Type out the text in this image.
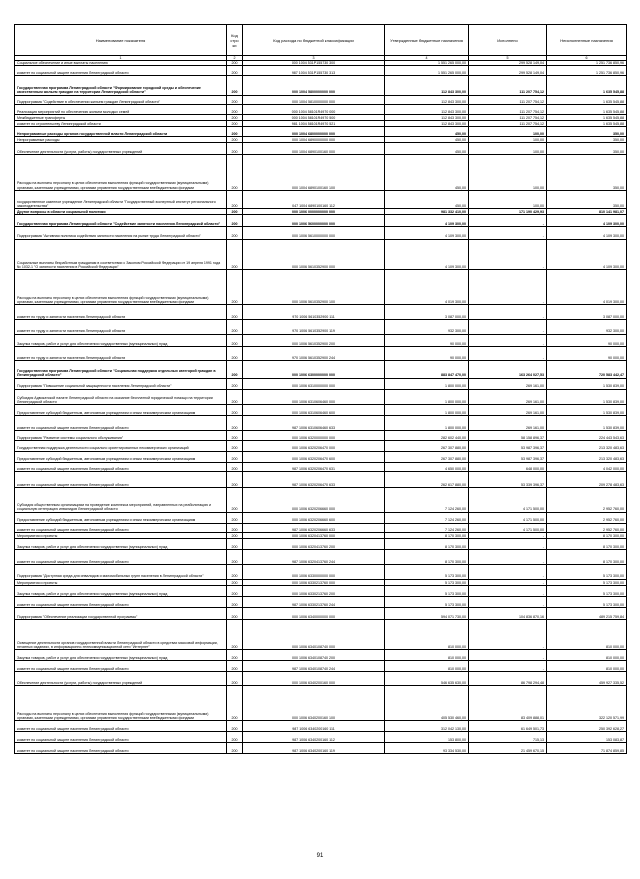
Наименование показателя	Код стро ки	Код расхода по бюджетной классификации	Утвержденные бюджетные назначения	Исполнено	Неисполненные назначения
1	2	3	4	5	6
Социальное обеспечение и иные выплаты населению	200	000 1004 531P155730 300	1 551 265 000,00	299 528 149,04	1 251 736 850,96
комитет по социальной защите населения Ленинградской области	200	987 1004 531P155730 313	1 551 265 000,00	299 528 149,04	1 251 736 850,96
Государственная программа Ленинградской области "Формирование городской среды и обеспечение качественным жильем граждан на территории Ленинградской области"	200	000 1004 5800000000 000	112 843 300,00	111 207 754,12	1 635 545,88
Подпрограмма "Содействие в обеспечении жильем граждан Ленинградской области"	200	000 1004 5810000000 000	112 843 300,00	111 207 754,12	1 635 545,88
Реализация мероприятий по обеспечению жильем молодых семей	200	000 1004 58101R4970 000	112 843 300,00	111 207 754,12	1 635 545,88
Межбюджетные трансферты	200	000 1004 58101R4970 500	112 843 300,00	111 207 754,12	1 635 545,88
комитет по строительству Ленинградской области	200	981 1004 58101R4970 521	112 843 300,00	111 207 754,12	1 635 545,88
Непрограммные расходы органов государственной власти Ленинградской области	200	000 1004 6800000000 000	450,00	100,00	350,00
Непрограммные расходы	200	000 1004 6890000000 000	450,00	100,00	350,00
Обеспечение деятельности (услуги, работы) государственных учреждений	200	000 1004 6890100160 000	450,00	100,00	350,00
Расходы на выплаты персоналу в целях обеспечения выполнения функций государственными (муниципальными) органами, казенными учреждениями, органами управления государственными внебюджетными фондами	200	000 1004 6890100160 100	450,00	100,00	350,00
государственное казенное учреждение Ленинградской области "Государственный экспертный институт регионального законодательства"	200	047 1004 6890100160 112	450,00	100,00	350,00
Другие вопросы в области социальной политики	200	000 1006 0000000000 000	981 332 410,00	171 190 429,93	810 141 981,07
Государственная программа Ленинградской области "Содействие занятости населения Ленинградской области"	200	000 1006 5600000000 000	4 109 300,00	-	4 109 300,00
Подпрограмма "Активная политика содействия занятости населения на рынке труда Ленинградской области"	200	000 1006 5610000000 000	4 109 300,00	-	4 109 300,00
Социальные выплаты безработным гражданам в соответствии с Законом Российской Федерации от 19 апреля 1991 года № 1032-1 "О занятости населения в Российской Федерации"	200	000 1006 5610352900 000	4 109 300,00	-	4 109 300,00
Расходы на выплаты персоналу в целях обеспечения выполнения функций государственными (муниципальными) органами, казенными учреждениями, органами управления государственными внебюджетными фондами	200	000 1006 5610352900 100	4 019 300,00	-	4 019 300,00
комитет по труду и занятости населения Ленинградской области	200	970 1006 5610352900 111	3 087 000,00	-	3 087 000,00
комитет по труду и занятости населения Ленинградской области	200	970 1006 5610352900 119	932 300,00	-	932 300,00
Закупка товаров, работ и услуг для обеспечения государственных (муниципальных) нужд	200	000 1006 5610352900 200	90 000,00	-	90 000,00
комитет по труду и занятости населения Ленинградской области	200	970 1006 5610352900 244	90 000,00	-	90 000,00
Государственная программа Ленинградской области "Социальная поддержка отдельных категорий граждан в Ленинградской области"	200	000 1006 6300000000 000	883 847 470,00	163 264 027,53	720 583 442,47
Подпрограмма "Повышение социальной защищенности населения Ленинградской области"	200	000 1006 6310000000 000	1 800 000,00	269 161,00	1 530 839,00
Субсидия Адвокатской палате Ленинградской области на оказание бесплатной юридической помощи на территории Ленинградской области	200	000 1006 6310606460 000	1 800 000,00	269 161,00	1 530 839,00
Предоставление субсидий бюджетным, автономным учреждениям и иным некоммерческим организациям	200	000 1006 6310606460 600	1 800 000,00	269 161,00	1 530 839,00
комитет по социальной защите населения Ленинградской области	200	987 1006 6310606460 633	1 800 000,00	269 161,00	1 530 839,00
Подпрограмма "Развитие системы социального обслуживания"	200	000 1006 6320000000 000	282 602 440,00	58 158 896,37	224 443 543,63
Государственная поддержка деятельности социально ориентированных некоммерческих организаций	200	000 1006 6320206470 000	267 307 880,00	53 987 396,37	213 320 483,63
Предоставление субсидий бюджетным, автономным учреждениям и иным некоммерческим организациям	200	000 1006 6320206470 600	267 307 880,00	53 987 396,37	213 320 483,63
комитет по социальной защите населения Ленинградской области	200	987 1006 6320206470 631	4 650 000,00	648 000,00	4 042 000,00
комитет по социальной защите населения Ленинградской области	200	987 1006 6320206470 633	262 617 880,00	53 339 396,37	209 278 483,63
Субсидия общественным организациям на проведение комплекса мероприятий, направленных на реабилитацию и социальную интеграцию инвалидов Ленинградской области	200	000 1006 6320206660 000	7 124 260,00	4 171 500,00	2 952 760,00
Предоставление субсидий бюджетным, автономным учреждениям и иным некоммерческим организациям	200	000 1006 6320206660 600	7 124 260,00	4 171 500,00	2 952 760,00
комитет по социальной защите населения Ленинградской области	200	987 1006 6320206660 633	7 124 260,00	4 171 500,00	2 952 760,00
Мероприятия и проекты	200	000 1006 6320413760 000	8 170 300,00	-	8 170 300,00
Закупка товаров, работ и услуг для обеспечения государственных (муниципальных) нужд	200	000 1006 6320413760 200	8 170 300,00	-	8 170 300,00
комитет по социальной защите населения Ленинградской области	200	987 1006 6320413760 244	8 170 300,00	-	8 170 300,00
Подпрограмма "Доступная среда для инвалидов и маломобильных групп населения в Ленинградской области"	200	000 1006 6330000000 000	5 173 300,00	-	5 173 300,00
Мероприятия и проекты	200	000 1006 6330213760 000	5 173 300,00	-	5 173 300,00
Закупка товаров, работ и услуг для обеспечения государственных (муниципальных) нужд	200	000 1006 6330213760 200	5 173 300,00	-	5 173 300,00
комитет по социальной защите населения Ленинградской области	200	987 1006 6330213760 244	5 173 300,00	-	5 173 300,00
Подпрограмма "Обеспечение реализации государственной программы"	200	000 1006 6340000000 000	594 071 730,00	104 836 870,16	489 215 759,84
Освещение деятельности органов государственной власти Ленинградской области в средствах массовой информации, печатных изданиях, в информационно-телекоммуникационной сети "Интернет"	200	000 1006 6340108740 000	810 000,00	-	810 000,00
Закупка товаров, работ и услуг для обеспечения государственных (муниципальных) нужд	200	000 1006 6340108740 200	810 000,00	-	810 000,00
комитет по социальной защите населения Ленинградской области	200	987 1006 6340108740 244	810 000,00	-	810 000,00
Обеспечение деятельности (услуги, работы) государственных учреждений	200	000 1006 6340200160 000	546 635 630,00	86 798 294,48	459 927 335,52
Расходы на выплаты персоналу в целях обеспечения выполнения функций государственными (муниципальными) органами, казенными учреждениями, органами управления государственными внебюджетными фондами	200	000 1006 6340200160 100	405 530 460,00	83 409 888,01	322 120 571,99
комитет по социальной защите населения Ленинградской области	200	987 1006 6340200160 111	312 042 130,00	61 649 501,73	250 392 628,27
комитет по социальной защите населения Ленинградской области	200	987 1006 6340200160 112	153 800,00	715,13	153 083,87
комитет по социальной защите населения Ленинградской области	200	987 1006 6340200160 119	93 334 530,00	21 459 670,15	71 874 859,85
91
